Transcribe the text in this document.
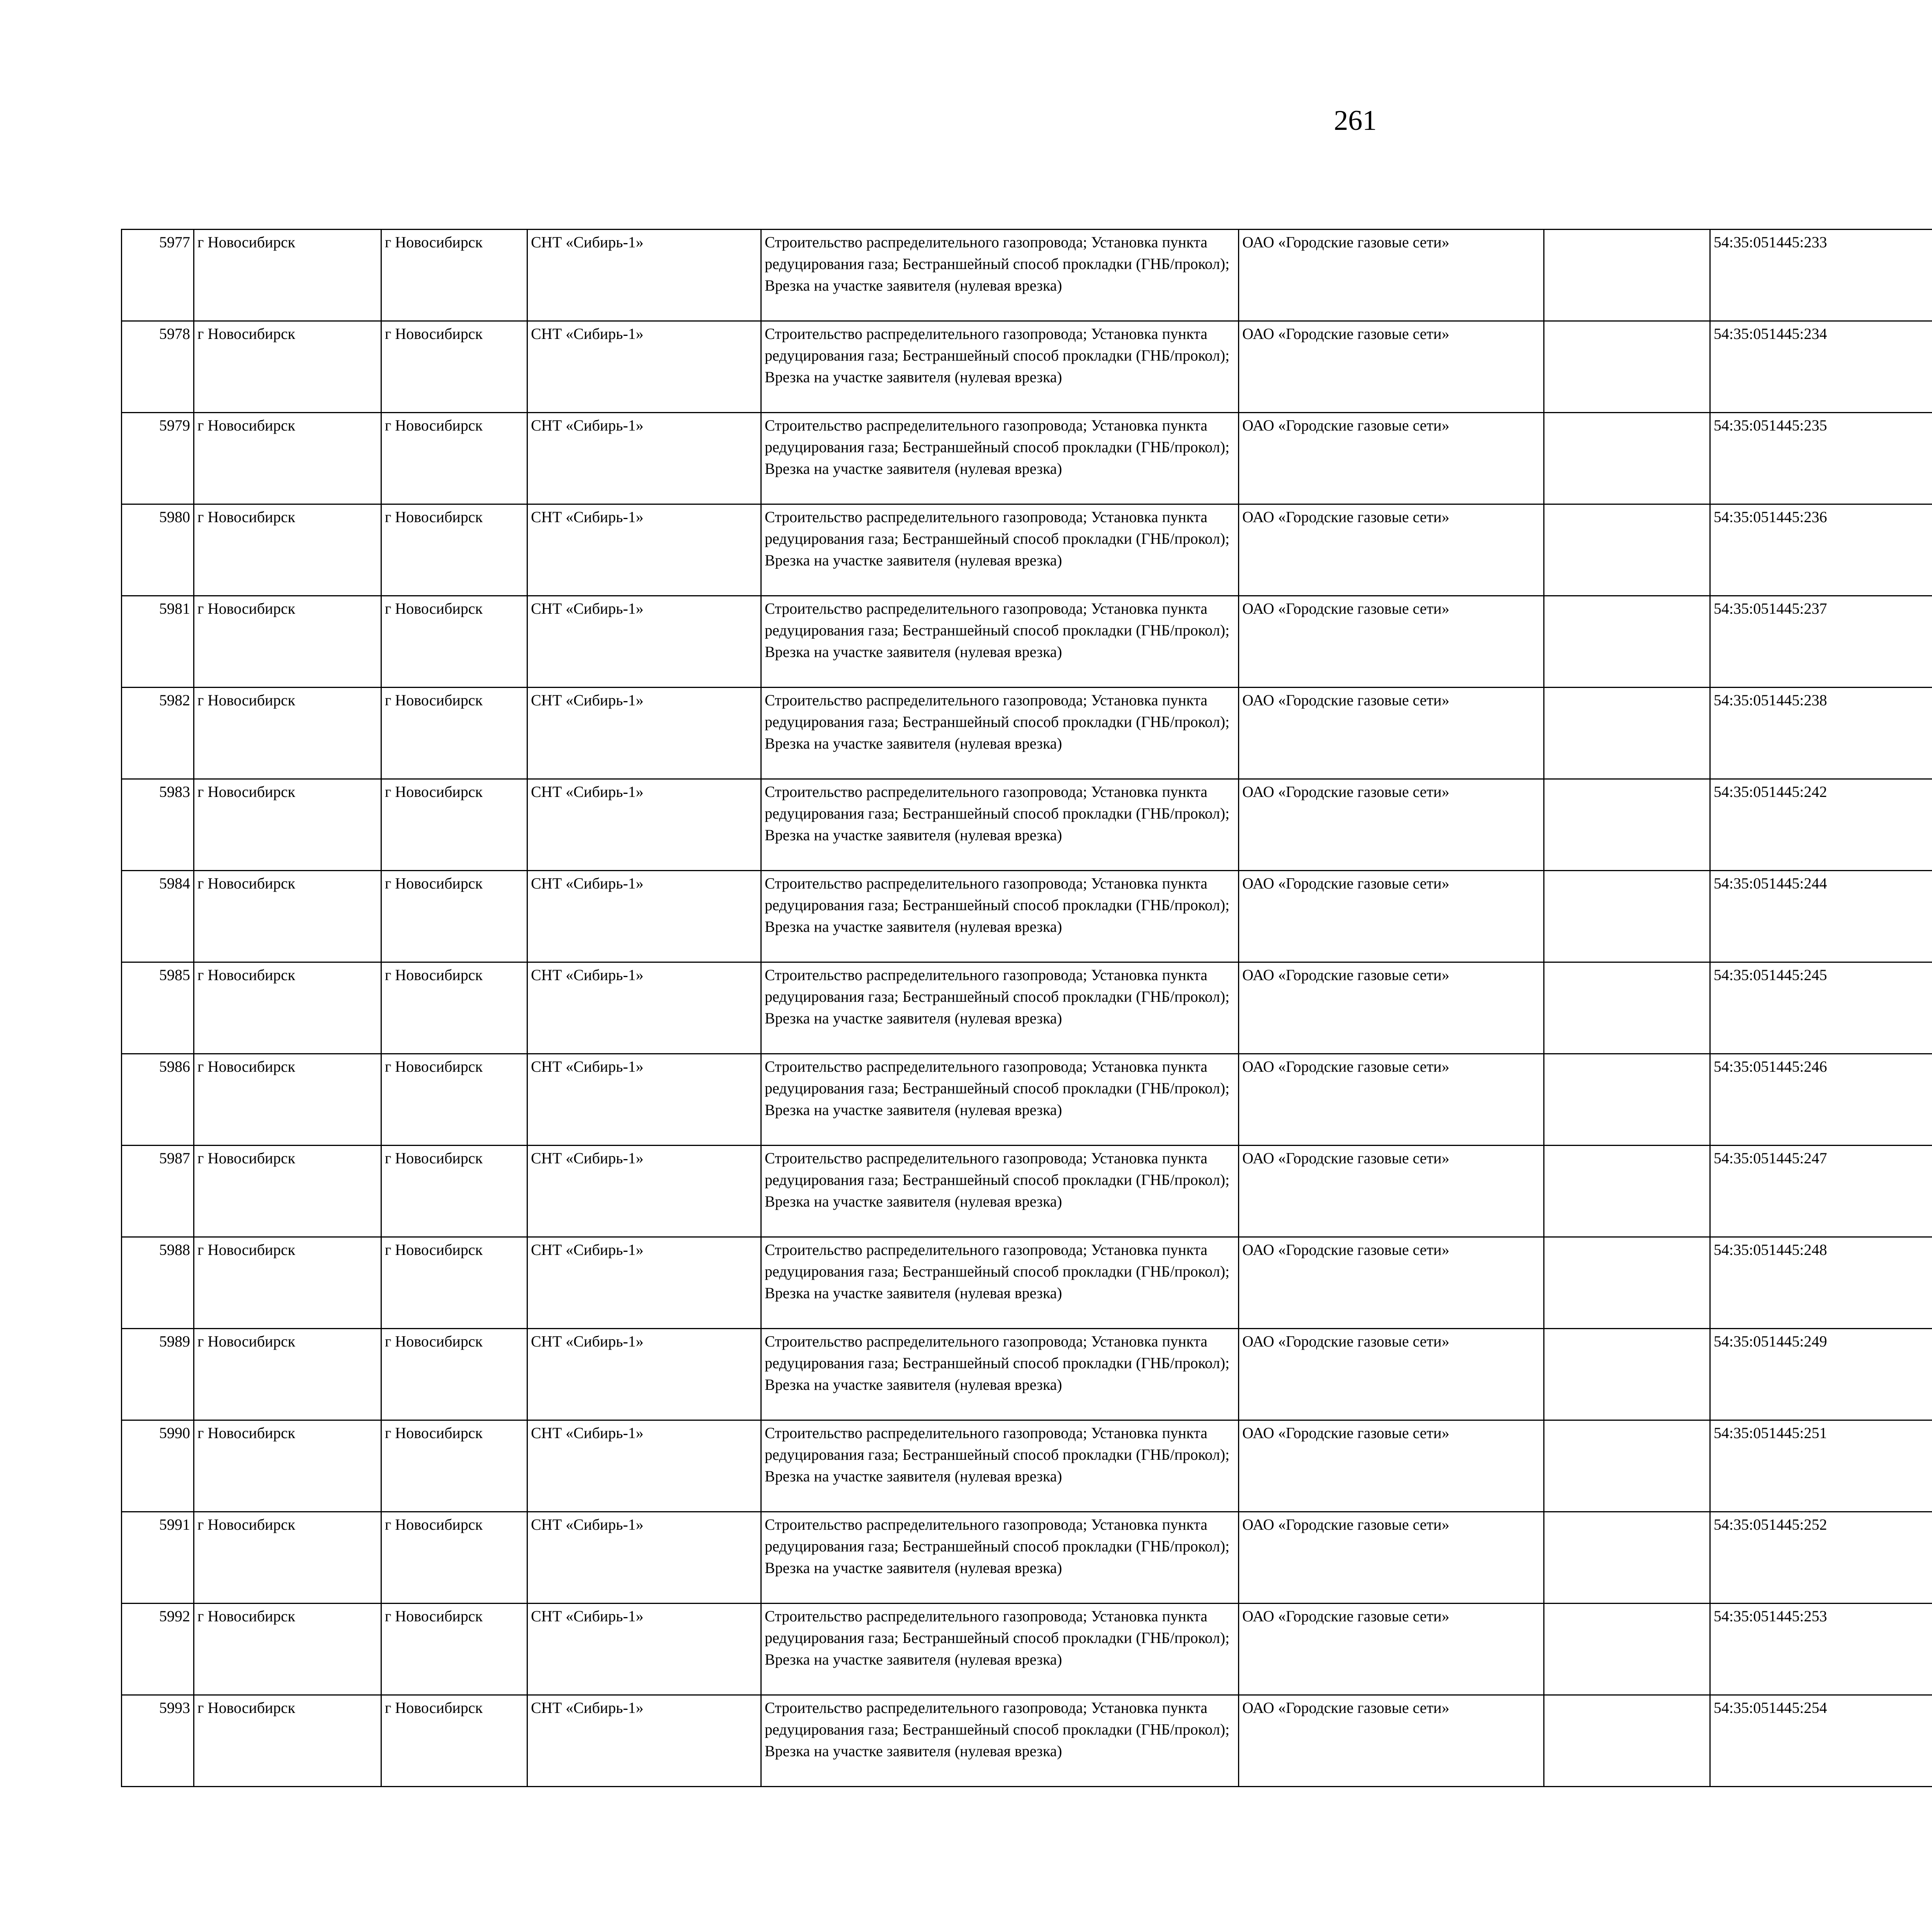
261
5977	г Новосибирск	г Новосибирск	СНТ «Сибирь-1»	Строительство распределительного газопровода; Установка пункта редуцирования газа; Бестраншейный способ прокладки (ГНБ/прокол); Врезка на участке заявителя (нулевая врезка)	ОАО «Городские газовые сети»		54:35:051445:233					
5978	г Новосибирск	г Новосибирск	СНТ «Сибирь-1»	Строительство распределительного газопровода; Установка пункта редуцирования газа; Бестраншейный способ прокладки (ГНБ/прокол); Врезка на участке заявителя (нулевая врезка)	ОАО «Городские газовые сети»		54:35:051445:234					
5979	г Новосибирск	г Новосибирск	СНТ «Сибирь-1»	Строительство распределительного газопровода; Установка пункта редуцирования газа; Бестраншейный способ прокладки (ГНБ/прокол); Врезка на участке заявителя (нулевая врезка)	ОАО «Городские газовые сети»		54:35:051445:235					
5980	г Новосибирск	г Новосибирск	СНТ «Сибирь-1»	Строительство распределительного газопровода; Установка пункта редуцирования газа; Бестраншейный способ прокладки (ГНБ/прокол); Врезка на участке заявителя (нулевая врезка)	ОАО «Городские газовые сети»		54:35:051445:236					
5981	г Новосибирск	г Новосибирск	СНТ «Сибирь-1»	Строительство распределительного газопровода; Установка пункта редуцирования газа; Бестраншейный способ прокладки (ГНБ/прокол); Врезка на участке заявителя (нулевая врезка)	ОАО «Городские газовые сети»		54:35:051445:237					
5982	г Новосибирск	г Новосибирск	СНТ «Сибирь-1»	Строительство распределительного газопровода; Установка пункта редуцирования газа; Бестраншейный способ прокладки (ГНБ/прокол); Врезка на участке заявителя (нулевая врезка)	ОАО «Городские газовые сети»		54:35:051445:238					
5983	г Новосибирск	г Новосибирск	СНТ «Сибирь-1»	Строительство распределительного газопровода; Установка пункта редуцирования газа; Бестраншейный способ прокладки (ГНБ/прокол); Врезка на участке заявителя (нулевая врезка)	ОАО «Городские газовые сети»		54:35:051445:242					
5984	г Новосибирск	г Новосибирск	СНТ «Сибирь-1»	Строительство распределительного газопровода; Установка пункта редуцирования газа; Бестраншейный способ прокладки (ГНБ/прокол); Врезка на участке заявителя (нулевая врезка)	ОАО «Городские газовые сети»		54:35:051445:244					
5985	г Новосибирск	г Новосибирск	СНТ «Сибирь-1»	Строительство распределительного газопровода; Установка пункта редуцирования газа; Бестраншейный способ прокладки (ГНБ/прокол); Врезка на участке заявителя (нулевая врезка)	ОАО «Городские газовые сети»		54:35:051445:245					
5986	г Новосибирск	г Новосибирск	СНТ «Сибирь-1»	Строительство распределительного газопровода; Установка пункта редуцирования газа; Бестраншейный способ прокладки (ГНБ/прокол); Врезка на участке заявителя (нулевая врезка)	ОАО «Городские газовые сети»		54:35:051445:246					
5987	г Новосибирск	г Новосибирск	СНТ «Сибирь-1»	Строительство распределительного газопровода; Установка пункта редуцирования газа; Бестраншейный способ прокладки (ГНБ/прокол); Врезка на участке заявителя (нулевая врезка)	ОАО «Городские газовые сети»		54:35:051445:247					
5988	г Новосибирск	г Новосибирск	СНТ «Сибирь-1»	Строительство распределительного газопровода; Установка пункта редуцирования газа; Бестраншейный способ прокладки (ГНБ/прокол); Врезка на участке заявителя (нулевая врезка)	ОАО «Городские газовые сети»		54:35:051445:248					
5989	г Новосибирск	г Новосибирск	СНТ «Сибирь-1»	Строительство распределительного газопровода; Установка пункта редуцирования газа; Бестраншейный способ прокладки (ГНБ/прокол); Врезка на участке заявителя (нулевая врезка)	ОАО «Городские газовые сети»		54:35:051445:249					
5990	г Новосибирск	г Новосибирск	СНТ «Сибирь-1»	Строительство распределительного газопровода; Установка пункта редуцирования газа; Бестраншейный способ прокладки (ГНБ/прокол); Врезка на участке заявителя (нулевая врезка)	ОАО «Городские газовые сети»		54:35:051445:251					
5991	г Новосибирск	г Новосибирск	СНТ «Сибирь-1»	Строительство распределительного газопровода; Установка пункта редуцирования газа; Бестраншейный способ прокладки (ГНБ/прокол); Врезка на участке заявителя (нулевая врезка)	ОАО «Городские газовые сети»		54:35:051445:252					
5992	г Новосибирск	г Новосибирск	СНТ «Сибирь-1»	Строительство распределительного газопровода; Установка пункта редуцирования газа; Бестраншейный способ прокладки (ГНБ/прокол); Врезка на участке заявителя (нулевая врезка)	ОАО «Городские газовые сети»		54:35:051445:253					
5993	г Новосибирск	г Новосибирск	СНТ «Сибирь-1»	Строительство распределительного газопровода; Установка пункта редуцирования газа; Бестраншейный способ прокладки (ГНБ/прокол); Врезка на участке заявителя (нулевая врезка)	ОАО «Городские газовые сети»		54:35:051445:254					
